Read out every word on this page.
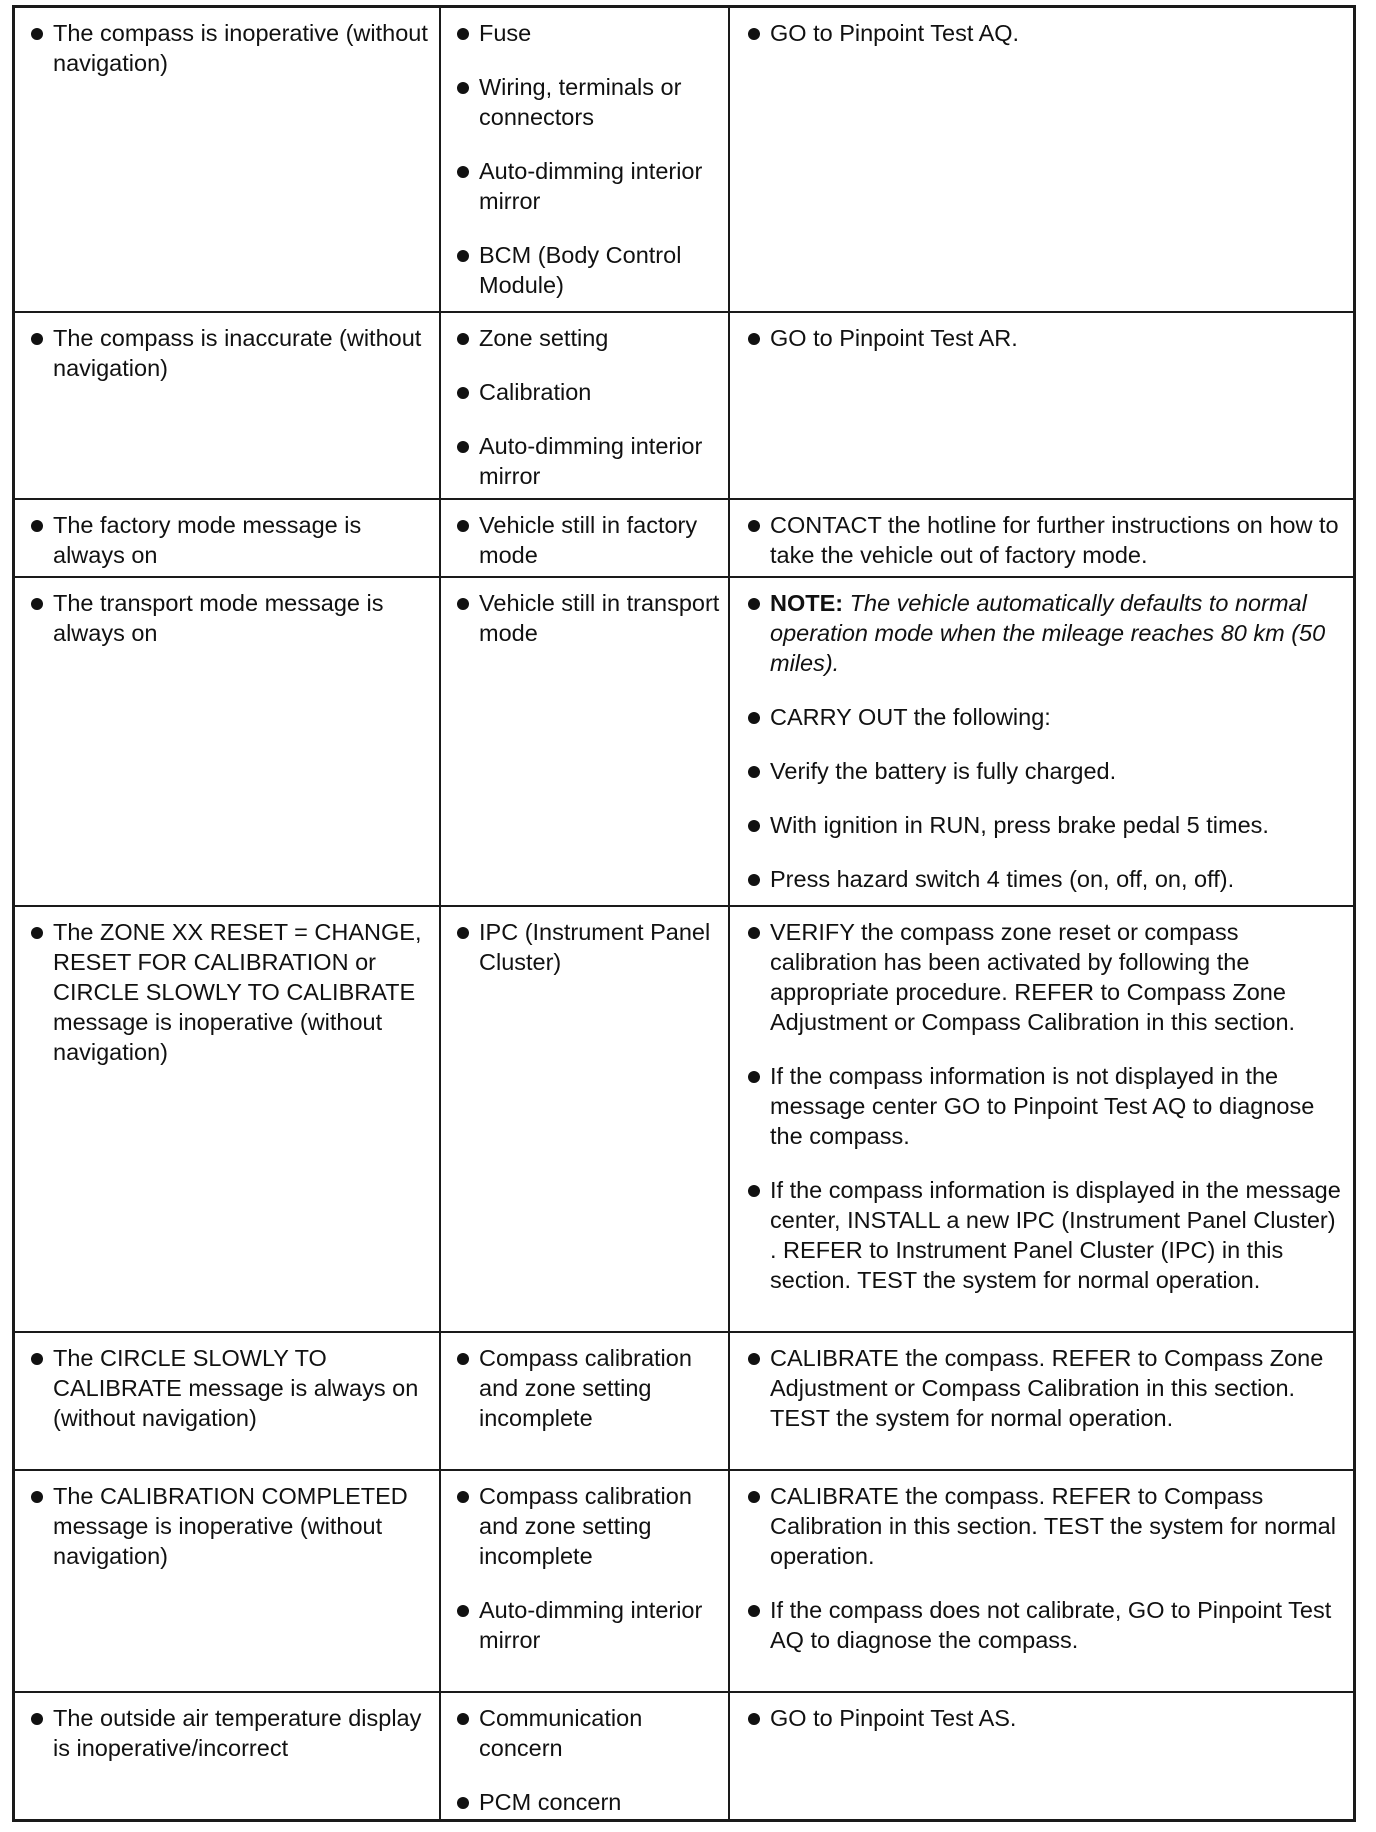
The compass is inoperative (without navigation)
Fuse
Wiring, terminals or connectors
Auto-dimming interior mirror
BCM (Body Control Module)
GO to Pinpoint Test AQ.
The compass is inaccurate (without navigation)
Zone setting
Calibration
Auto-dimming interior mirror
GO to Pinpoint Test AR.
The factory mode message is always on
Vehicle still in factory mode
CONTACT the hotline for further instructions on how to take the vehicle out of factory mode.
The transport mode message is always on
Vehicle still in transport mode
NOTE: The vehicle automatically defaults to normal operation mode when the mileage reaches 80 km (50 miles).
CARRY OUT the following:
Verify the battery is fully charged.
With ignition in RUN, press brake pedal 5 times.
Press hazard switch 4 times (on, off, on, off).
The ZONE XX RESET = CHANGE, RESET FOR CALIBRATION or CIRCLE SLOWLY TO CALIBRATE message is inoperative (without navigation)
IPC (Instrument Panel Cluster)
VERIFY the compass zone reset or compass calibration has been activated by following the appropriate procedure. REFER to Compass Zone Adjustment or Compass Calibration in this section.
If the compass information is not displayed in the message center GO to Pinpoint Test AQ to diagnose the compass.
If the compass information is displayed in the message center, INSTALL a new IPC (Instrument Panel Cluster) . REFER to Instrument Panel Cluster (IPC) in this section. TEST the system for normal operation.
The CIRCLE SLOWLY TO CALIBRATE message is always on (without navigation)
Compass calibration and zone setting incomplete
CALIBRATE the compass. REFER to Compass Zone Adjustment or Compass Calibration in this section. TEST the system for normal operation.
The CALIBRATION COMPLETED message is inoperative (without navigation)
Compass calibration and zone setting incomplete
Auto-dimming interior mirror
CALIBRATE the compass. REFER to Compass Calibration in this section. TEST the system for normal operation.
If the compass does not calibrate, GO to Pinpoint Test AQ to diagnose the compass.
The outside air temperature display is inoperative/incorrect
Communication concern
PCM concern
GO to Pinpoint Test AS.
